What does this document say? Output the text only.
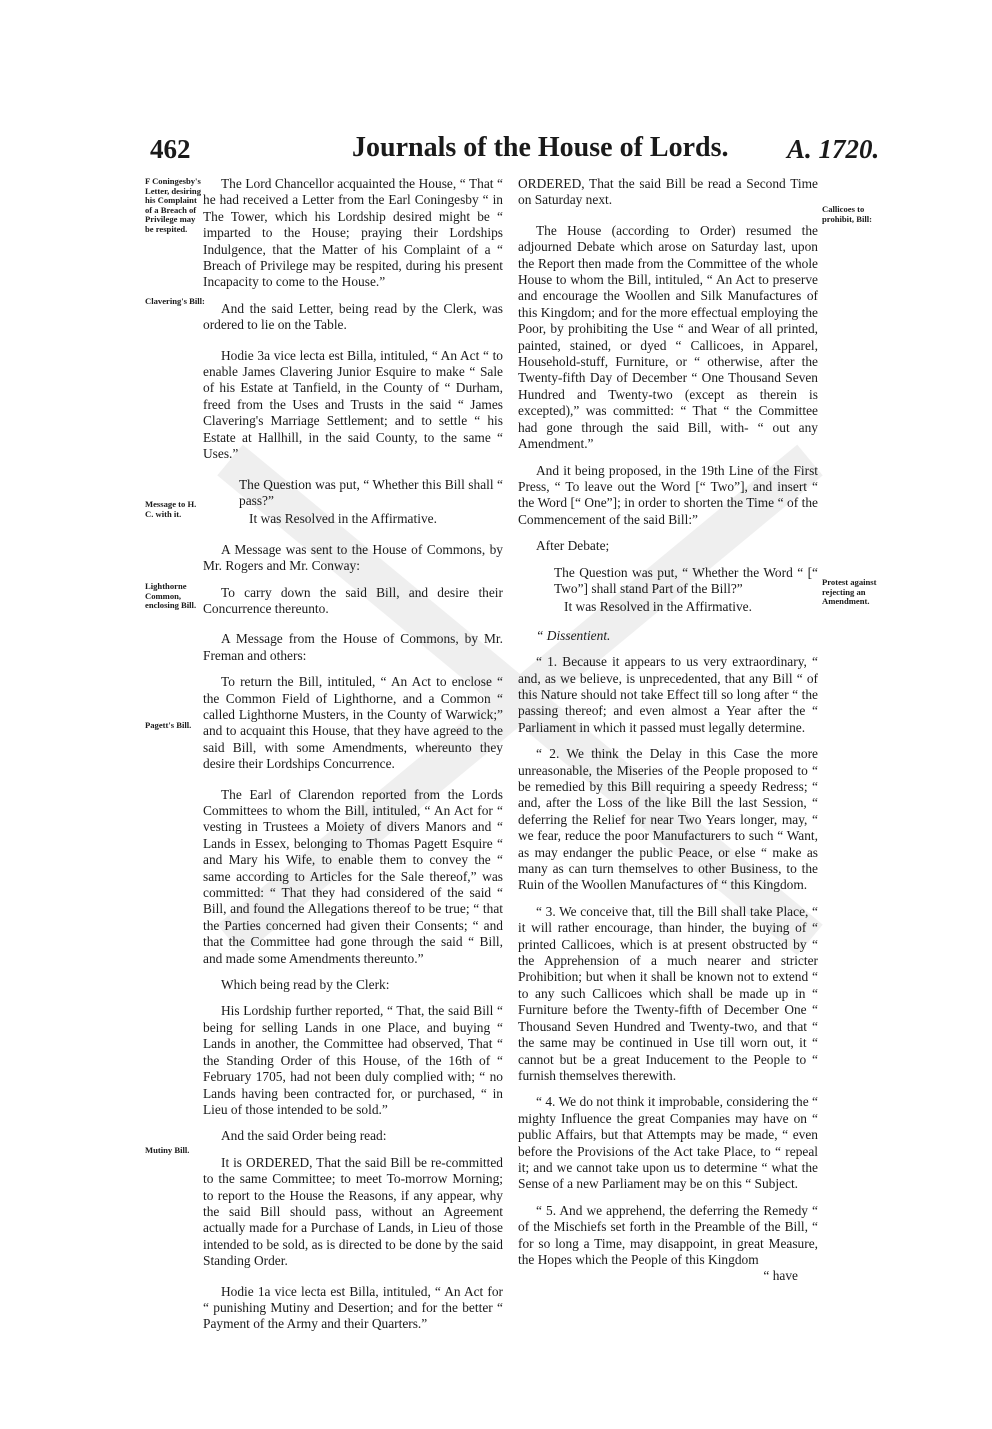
462	Journals of the House of Lords. A. 1720.
F Coningesby's Letter, desiring his Complaint of a Breach of Privilege may be respited.
Clavering's Bill:
Message to H. C. with it.
Lighthorne Common, enclosing Bill.
Pagett's Bill.
Mutiny Bill.
Callicoes to prohibit, Bill:
Protest against rejecting an Amendment.

The Lord Chancellor acquainted the House, “ That “ he had received a Letter from the Earl Coningesby “ in The Tower, which his Lordship desired might be “ imparted to the House; praying their Lordships Indulgence, that the Matter of his Complaint of a “ Breach of Privilege may be respited, during his present Incapacity to come to the House.”

And the said Letter, being read by the Clerk, was ordered to lie on the Table.

Hodie 3a vice lecta est Billa, intituled, “ An Act “ to enable James Clavering Junior Esquire to make “ Sale of his Estate at Tanfield, in the County of “ Durham, freed from the Uses and Trusts in the said “ James Clavering's Marriage Settlement; and to settle “ his Estate at Hallhill, in the said County, to the same “ Uses.”

The Question was put, “ Whether this Bill shall “ pass?”

It was Resolved in the Affirmative.

A Message was sent to the House of Commons, by Mr. Rogers and Mr. Conway:

To carry down the said Bill, and desire their Concurrence thereunto.

A Message from the House of Commons, by Mr. Freman and others:

To return the Bill, intituled, “ An Act to enclose “ the Common Field of Lighthorne, and a Common “ called Lighthorne Musters, in the County of Warwick;” and to acquaint this House, that they have agreed to the said Bill, with some Amendments, whereunto they desire their Lordships Concurrence.

The Earl of Clarendon reported from the Lords Committees to whom the Bill, intituled, “ An Act for “ vesting in Trustees a Moiety of divers Manors and “ Lands in Essex, belonging to Thomas Pagett Esquire “ and Mary his Wife, to enable them to convey the “ same according to Articles for the Sale thereof,” was committed: “ That they had considered of the said “ Bill, and found the Allegations thereof to be true; “ that the Parties concerned had given their Consents; “ and that the Committee had gone through the said “ Bill, and made some Amendments thereunto.”

Which being read by the Clerk:

His Lordship further reported, “ That, the said Bill “ being for selling Lands in one Place, and buying “ Lands in another, the Committee had observed, That “ the Standing Order of this House, of the 16th of “ February 1705, had not been duly complied with; “ no Lands having been contracted for, or purchased, “ in Lieu of those intended to be sold.”

And the said Order being read:

It is ORDERED, That the said Bill be re-committed to the same Committee; to meet To-morrow Morning; to report to the House the Reasons, if any appear, why the said Bill should pass, without an Agreement actually made for a Purchase of Lands, in Lieu of those intended to be sold, as is directed to be done by the said Standing Order.

Hodie 1a vice lecta est Billa, intituled, “ An Act for “ punishing Mutiny and Desertion; and for the better “ Payment of the Army and their Quarters.”

ORDERED, That the said Bill be read a Second Time on Saturday next.

The House (according to Order) resumed the adjourned Debate which arose on Saturday last, upon the Report then made from the Committee of the whole House to whom the Bill, intituled, “ An Act to preserve and encourage the Woollen and Silk Manufactures of this Kingdom; and for the more effectual employing the Poor, by prohibiting the Use “ and Wear of all printed, painted, stained, or dyed “ Callicoes, in Apparel, Household-stuff, Furniture, or “ otherwise, after the Twenty-fifth Day of December “ One Thousand Seven Hundred and Twenty-two (except as therein is excepted),” was committed: “ That “ the Committee had gone through the said Bill, with- “ out any Amendment.”

And it being proposed, in the 19th Line of the First Press, “ To leave out the Word [“ Two”], and insert “ the Word [“ One”]; in order to shorten the Time “ of the Commencement of the said Bill:”

After Debate;

The Question was put, “ Whether the Word “ [“ Two”] shall stand Part of the Bill?”

It was Resolved in the Affirmative.

“ Dissentient.

“ 1. Because it appears to us very extraordinary, “ and, as we believe, is unprecedented, that any Bill “ of this Nature should not take Effect till so long after “ the passing thereof; and even almost a Year after the “ Parliament in which it passed must legally determine.

“ 2. We think the Delay in this Case the more unreasonable, the Miseries of the People proposed to “ be remedied by this Bill requiring a speedy Redress; “ and, after the Loss of the like Bill the last Session, “ deferring the Relief for near Two Years longer, may, “ we fear, reduce the poor Manufacturers to such “ Want, as may endanger the public Peace, or else “ make as many as can turn themselves to other Business, to the Ruin of the Woollen Manufactures of “ this Kingdom.

“ 3. We conceive that, till the Bill shall take Place, “ it will rather encourage, than hinder, the buying of “ printed Callicoes, which is at present obstructed by “ the Apprehension of a much nearer and stricter Prohibition; but when it shall be known not to extend “ to any such Callicoes which shall be made up in “ Furniture before the Twenty-fifth of December One “ Thousand Seven Hundred and Twenty-two, and that “ the same may be continued in Use till worn out, it “ cannot but be a great Inducement to the People to “ furnish themselves therewith.

“ 4. We do not think it improbable, considering the “ mighty Influence the great Companies may have on “ public Affairs, but that Attempts may be made, “ even before the Provisions of the Act take Place, to “ repeal it; and we cannot take upon us to determine “ what the Sense of a new Parliament may be on this “ Subject.

“ 5. And we apprehend, the deferring the Remedy “ of the Mischiefs set forth in the Preamble of the Bill, “ for so long a Time, may disappoint, in great Measure, the Hopes which the People of this Kingdom

“ have
